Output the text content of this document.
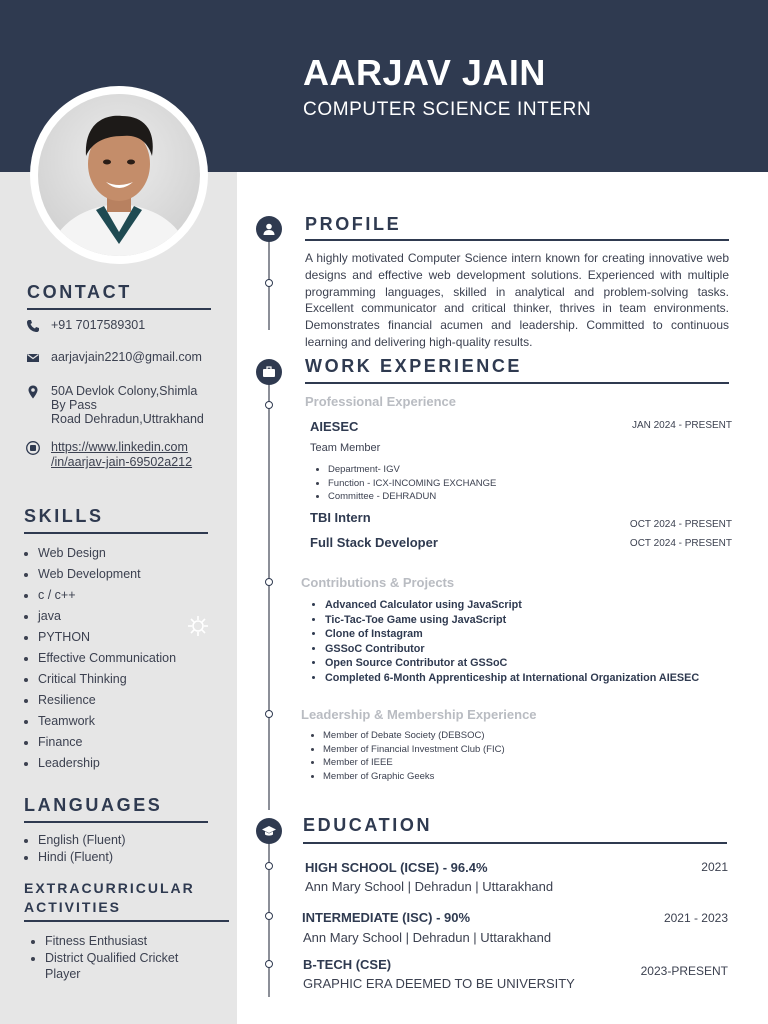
AARJAV JAIN
COMPUTER SCIENCE INTERN
CONTACT
+91 7017589301
aarjavjain2210@gmail.com
50A Devlok Colony,Shimla
By Pass
Road Dehradun,Uttrakhand
https://www.linkedin.com
/in/aarjav-jain-69502a212
SKILLS
• Web Design
• Web Development
• c / c++
• java
• PYTHON
• Effective Communication
• Critical Thinking
• Resilience
• Teamwork
• Finance
• Leadership
LANGUAGES
• English (Fluent)
• Hindi (Fluent)
EXTRACURRICULAR
ACTIVITIES
• Fitness Enthusiast
• District Qualified Cricket
Player
PROFILE

A highly motivated Computer Science intern known for creating innovative web designs and effective web development solutions. Experienced with multiple programming languages, skilled in analytical and problem-solving tasks. Excellent communicator and critical thinker, thrives in team environments. Demonstrates financial acumen and leadership. Committed to continuous learning and delivering high-quality results.

WORK EXPERIENCE
Professional Experience
AIESEC	JAN 2024 - PRESENT
Team Member
• Department- IGV
• Function - ICX-INCOMING EXCHANGE
• Committee - DEHRADUN
TBI Intern	OCT 2024 - PRESENT
Full Stack Developer	OCT 2024 - PRESENT
Contributions & Projects
• Advanced Calculator using JavaScript
• Tic-Tac-Toe Game using JavaScript
• Clone of Instagram
• GSSoC Contributor
• Open Source Contributor at GSSoC
• Completed 6-Month Apprenticeship at International Organization AIESEC
Leadership & Membership Experience
• Member of Debate Society (DEBSOC)
• Member of Financial Investment Club (FIC)
• Member of IEEE
• Member of Graphic Geeks
EDUCATION
HIGH SCHOOL (ICSE) - 96.4%	2021
Ann Mary School | Dehradun | Uttarakhand
INTERMEDIATE (ISC) - 90%	2021 - 2023
Ann Mary School | Dehradun | Uttarakhand
B-TECH (CSE)	2023-PRESENT
GRAPHIC ERA DEEMED TO BE UNIVERSITY
